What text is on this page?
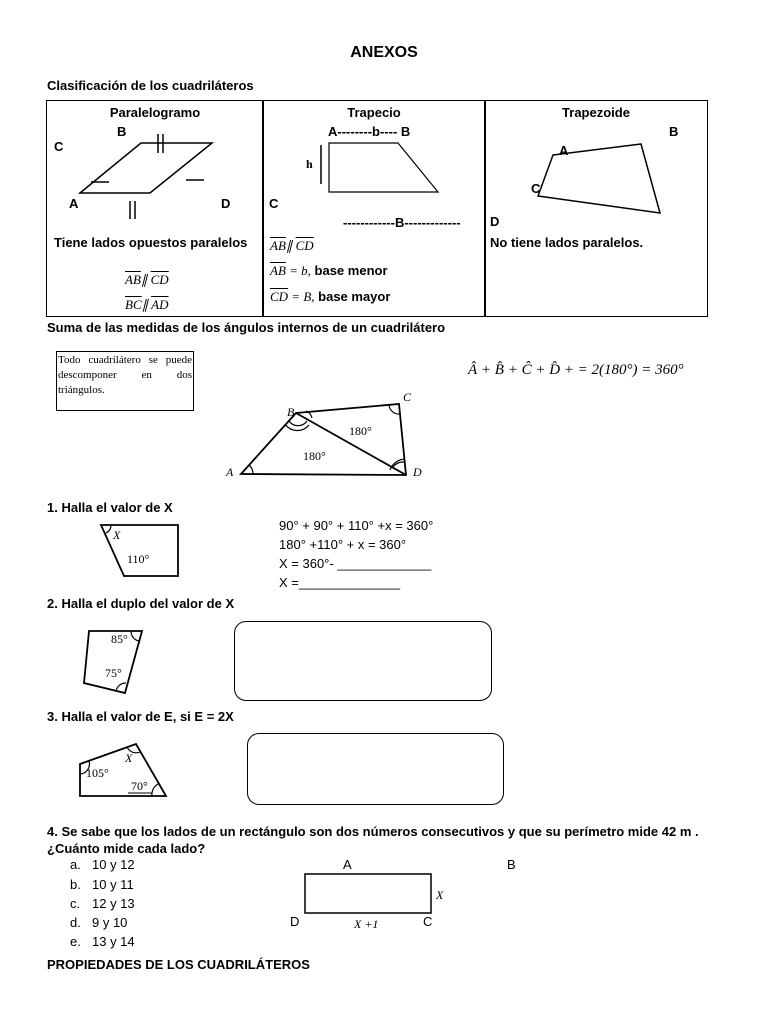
ANEXOS
Clasificación de los cuadriláteros
Paralelogramo
B
C
A	D
Tiene lados opuestos paralelos
$\overline{AB}\parallel$ $\overline{CD}$
$\overline{BC}\parallel$ $\overline{AD}$
Trapecio
A--------b---- B
h
C
------------B-------------
$\overline{AB}\parallel$ $\overline{CD}$
$\overline{AB} = b$, base menor
$\overline{CD} = B$, base mayor
Trapezoide
B
A
C
D
No tiene lados paralelos.
Suma de las medidas de los ángulos internos de un cuadrilátero
Todo cuadrilátero se puede descomponer en dos triángulos.
Â + B̂ + Ĉ + D̂ + = 2(180°) = 360°
B
C
A	D
180°
180°
1. Halla el valor de X
X
110°
90° + 90° + 110° +x = 360°
180° +110° + x = 360°
X = 360°- _____________
X =______________
2. Halla el duplo del valor de X
85°
75°
3. Halla el valor de E, si E = 2X
X
105°
70°
4. Se sabe que los lados de un rectángulo son dos números consecutivos y que su perímetro mide 42 m . ¿Cuánto mide cada lado?
a. 10 y 12
b. 10 y 11
c. 12 y 13
d. 9 y 10
e. 13 y 14
A	B
X
D	X +1	C
PROPIEDADES DE LOS CUADRILÁTEROS
